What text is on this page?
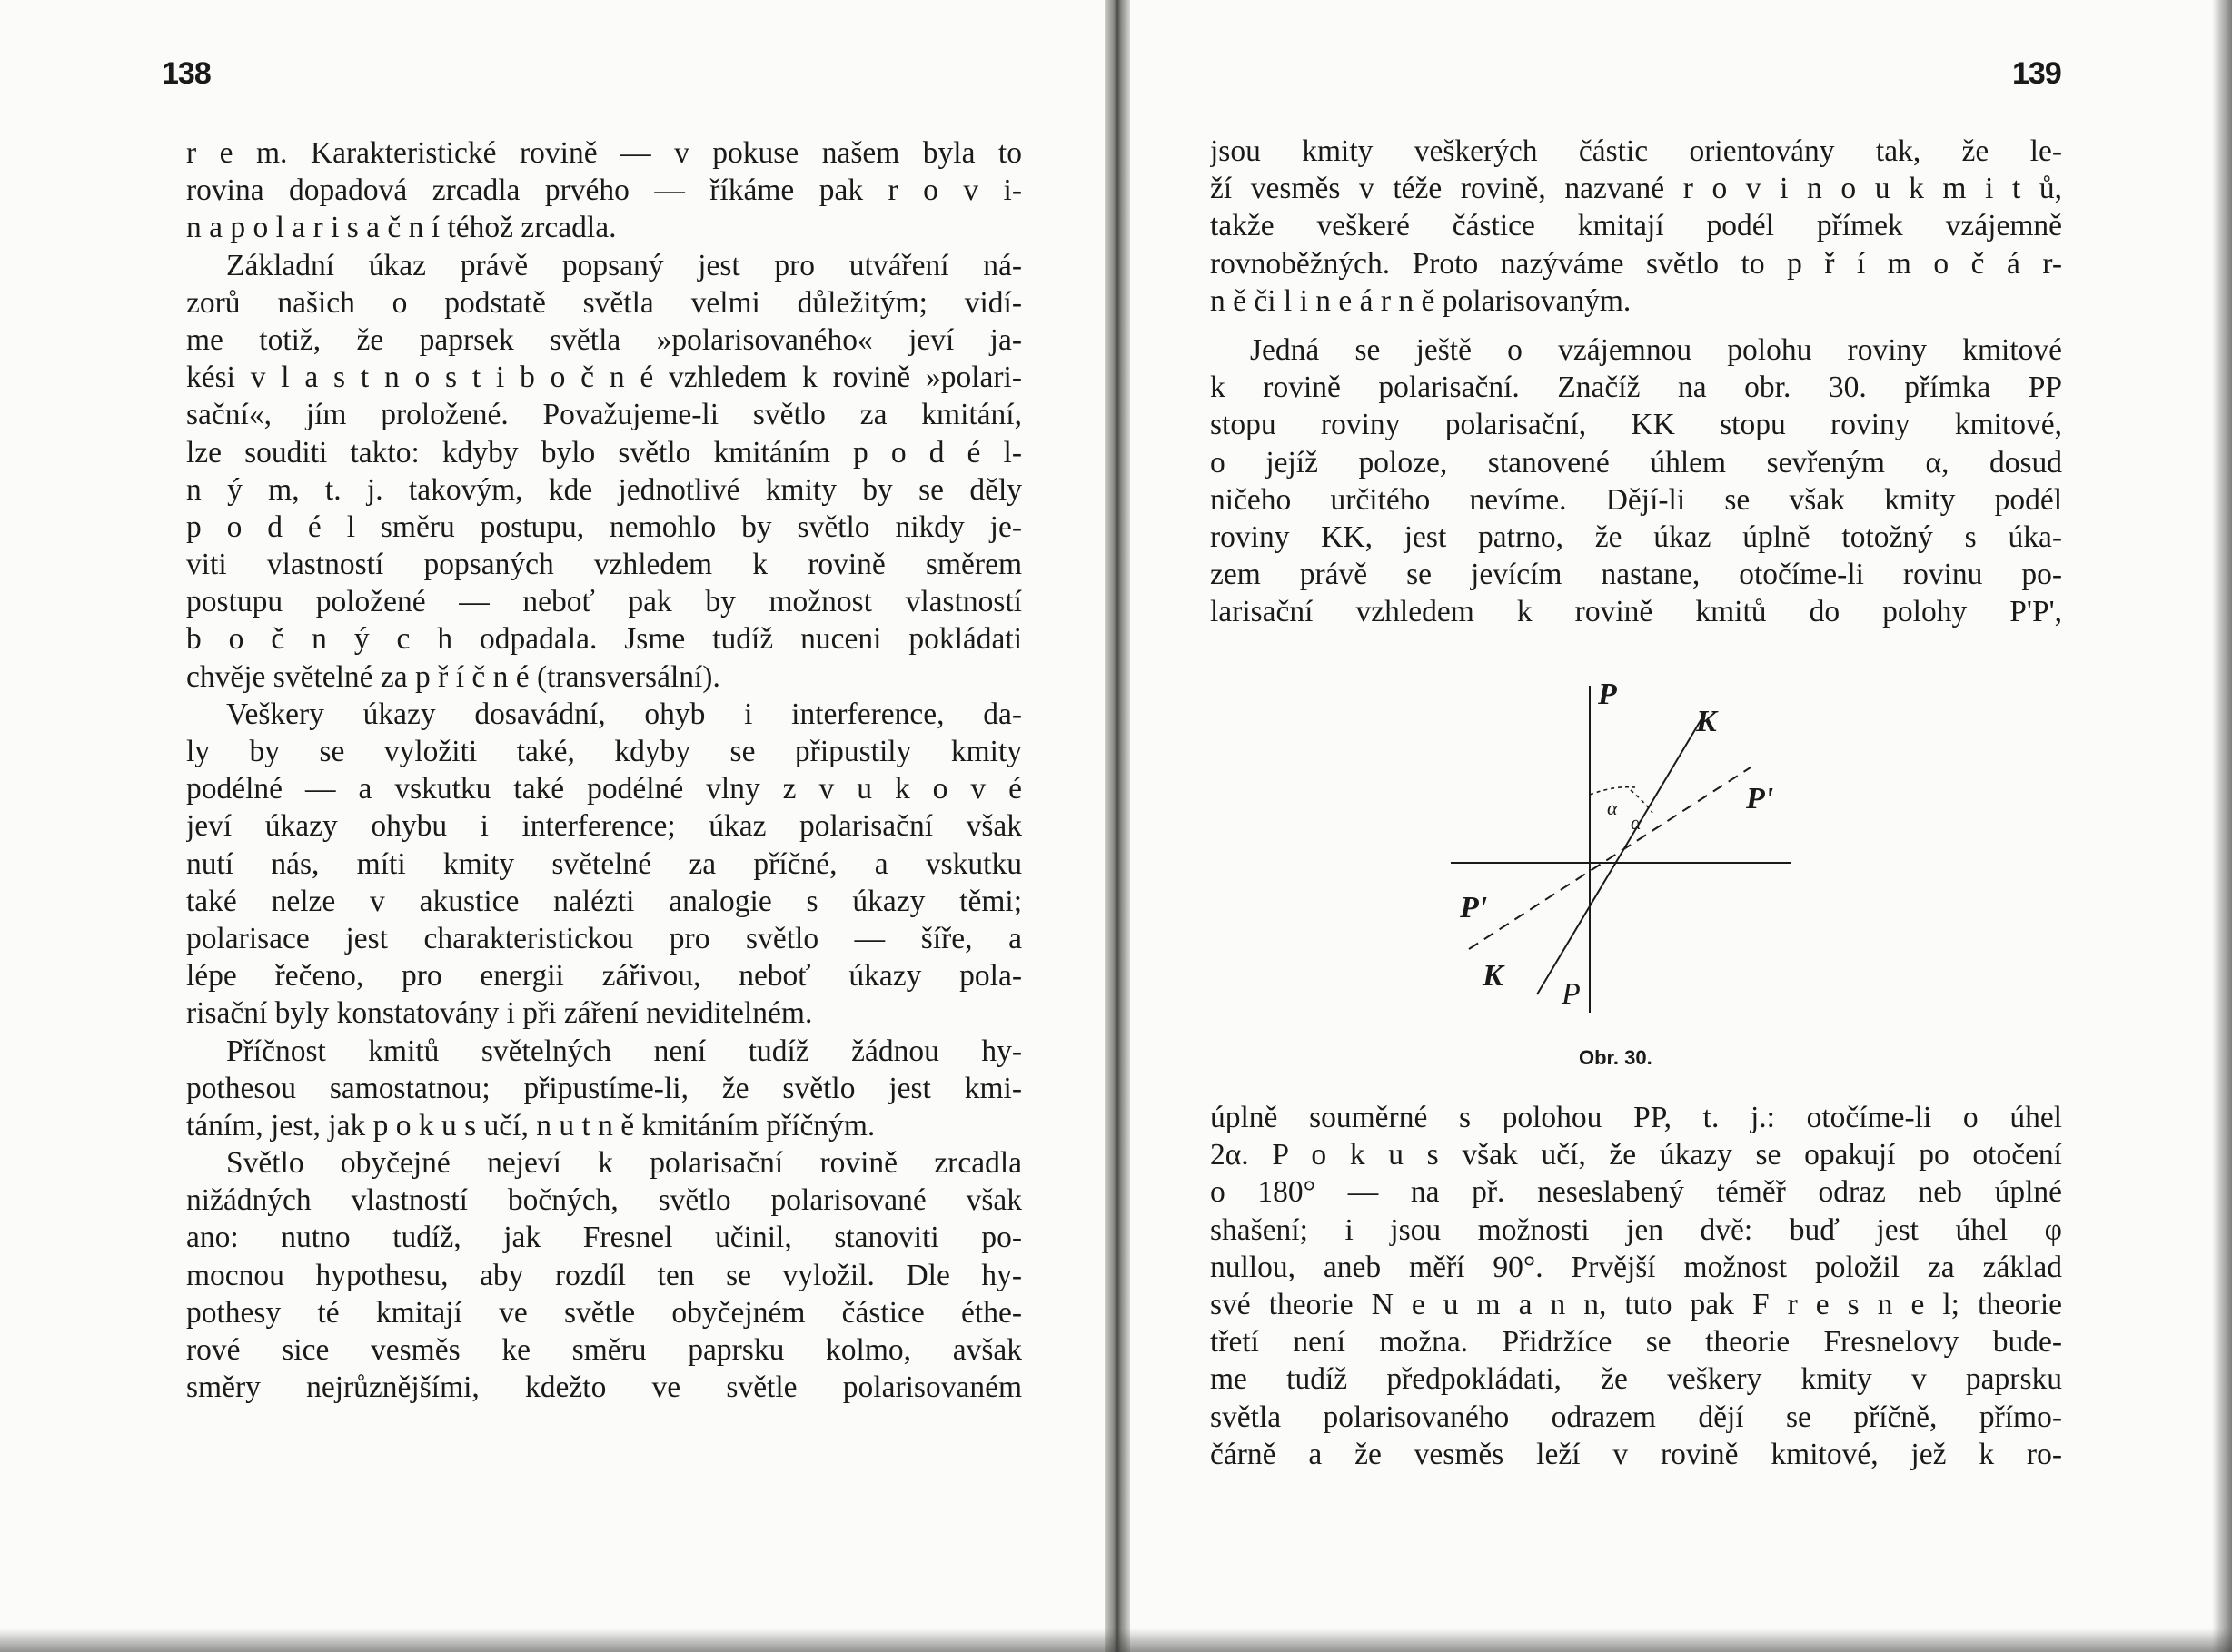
138
r e m. Karakteristické rovině — v pokuse našem byla to
rovina dopadová zrcadla prvého — říkáme pak r o v i-
n a p o l a r i s a č n í téhož zrcadla.
Základní úkaz právě popsaný jest pro utváření ná-
zorů našich o podstatě světla velmi důležitým; vidí-
me totiž, že paprsek světla »polarisovaného« jeví ja-
kési v l a s t n o s t i b o č n é vzhledem k rovině »polari-
sační«, jím proložené. Považujeme-li světlo za kmitání,
lze souditi takto: kdyby bylo světlo kmitáním p o d é l-
n ý m, t. j. takovým, kde jednotlivé kmity by se děly
p o d é l směru postupu, nemohlo by světlo nikdy je-
viti vlastností popsaných vzhledem k rovině směrem
postupu položené — neboť pak by možnost vlastností
b o č n ý c h odpadala. Jsme tudíž nuceni pokládati
chvěje světelné za p ř í č n é (transversální).
Veškery úkazy dosavádní, ohyb i interference, da-
ly by se vyložiti také, kdyby se připustily kmity
podélné — a vskutku také podélné vlny z v u k o v é
jeví úkazy ohybu i interference; úkaz polarisační však
nutí nás, míti kmity světelné za příčné, a vskutku
také nelze v akustice nalézti analogie s úkazy těmi;
polarisace jest charakteristickou pro světlo — šíře, a
lépe řečeno, pro energii zářivou, neboť úkazy pola-
risační byly konstatovány i při záření neviditelném.
Příčnost kmitů světelných není tudíž žádnou hy-
pothesou samostatnou; připustíme-li, že světlo jest kmi-
táním, jest, jak p o k u s učí, n u t n ě kmitáním příčným.
Světlo obyčejné nejeví k polarisační rovině zrcadla
nižádných vlastností bočných, světlo polarisované však
ano: nutno tudíž, jak Fresnel učinil, stanoviti po-
mocnou hypothesu, aby rozdíl ten se vyložil. Dle hy-
pothesy té kmitají ve světle obyčejném částice éthe-
rové sice vesměs ke směru paprsku kolmo, avšak
směry nejrůznějšími, kdežto ve světle polarisovaném
139
jsou kmity veškerých částic orientovány tak, že le-
ží vesměs v téže rovině, nazvané r o v i n o u k m i t ů,
takže veškeré částice kmitají podél přímek vzájemně
rovnoběžných. Proto nazýváme světlo to p ř í m o č á r-
n ě či l i n e á r n ě polarisovaným.
Jedná se ještě o vzájemnou polohu roviny kmitové
k rovině polarisační. Značíž na obr. 30. přímka PP
stopu roviny polarisační, KK stopu roviny kmitové,
o jejíž poloze, stanovené úhlem sevřeným α, dosud
ničeho určitého nevíme. Dějí-li se však kmity podél
roviny KK, jest patrno, že úkaz úplně totožný s úka-
zem právě se jevícím nastane, otočíme-li rovinu po-
larisační vzhledem k rovině kmitů do polohy P'P',
P
K
P'
P'
K
P
α
α
Obr. 30.
úplně souměrné s polohou PP, t. j.: otočíme-li o úhel
2α. P o k u s však učí, že úkazy se opakují po otočení
o 180° — na př. neseslabený téměř odraz neb úplné
shašení; i jsou možnosti jen dvě: buď jest úhel φ
nullou, aneb měří 90°. Prvější možnost položil za základ
své theorie N e u m a n n, tuto pak F r e s n e l; theorie
třetí není možna. Přidržíce se theorie Fresnelovy bude-
me tudíž předpokládati, že veškery kmity v paprsku
světla polarisovaného odrazem dějí se příčně, přímo-
čárně a že vesměs leží v rovině kmitové, jež k ro-
